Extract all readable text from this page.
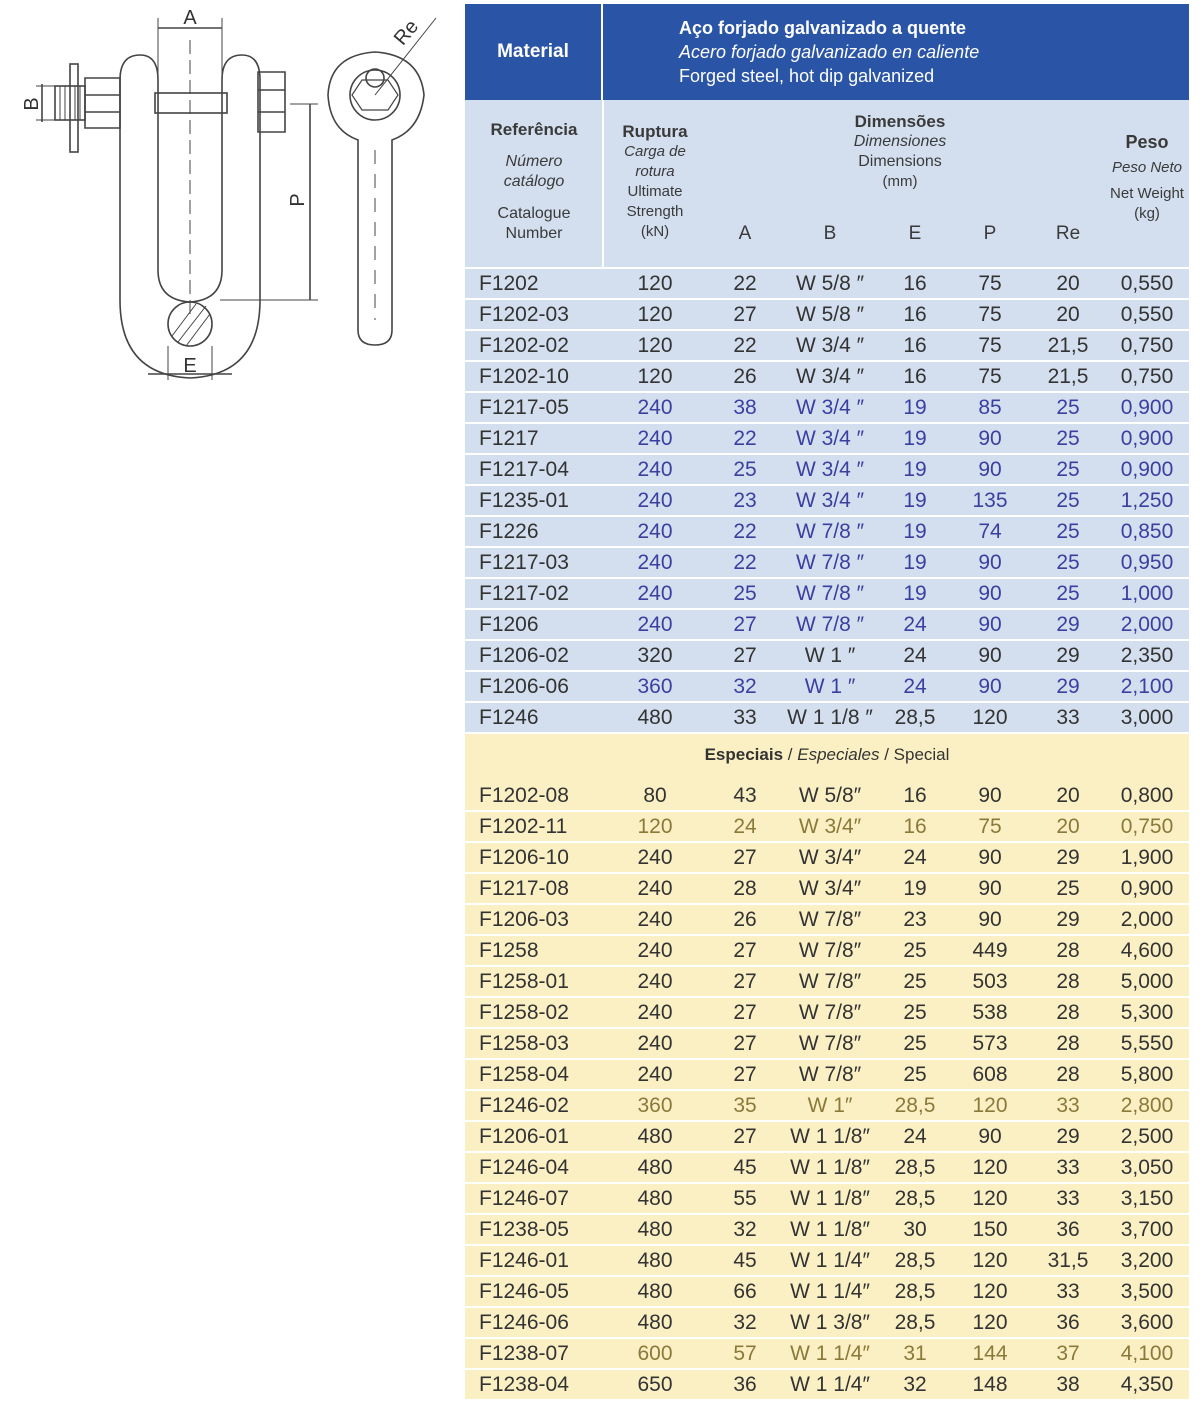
A
B
P
E
Re
Material
Aço forjado galvanizado a quente
Acero forjado galvanizado en caliente
Forged steel, hot dip galvanized
Referência
Número catálogo
Catalogue Number
Ruptura
Carga de rotura
Ultimate Strength
(kN)
Dimensões
Dimensiones
Dimensions
(mm)
A	B	E	P	Re
Peso
Peso Neto
Net Weight
(kg)
F1202	120	22	W 5/8 ″	16	75	20	0,550
F1202-03	120	27	W 5/8 ″	16	75	20	0,550
F1202-02	120	22	W 3/4 ″	16	75	21,5	0,750
F1202-10	120	26	W 3/4 ″	16	75	21,5	0,750
F1217-05	240	38	W 3/4 ″	19	85	25	0,900
F1217	240	22	W 3/4 ″	19	90	25	0,900
F1217-04	240	25	W 3/4 ″	19	90	25	0,900
F1235-01	240	23	W 3/4 ″	19	135	25	1,250
F1226	240	22	W 7/8 ″	19	74	25	0,850
F1217-03	240	22	W 7/8 ″	19	90	25	0,950
F1217-02	240	25	W 7/8 ″	19	90	25	1,000
F1206	240	27	W 7/8 ″	24	90	29	2,000
F1206-02	320	27	W 1 ″	24	90	29	2,350
F1206-06	360	32	W 1 ″	24	90	29	2,100
F1246	480	33	W 1 1/8 ″	28,5	120	33	3,000
Especiais / Especiales / Special
F1202-08	80	43	W 5/8″	16	90	20	0,800
F1202-11	120	24	W 3/4″	16	75	20	0,750
F1206-10	240	27	W 3/4″	24	90	29	1,900
F1217-08	240	28	W 3/4″	19	90	25	0,900
F1206-03	240	26	W 7/8″	23	90	29	2,000
F1258	240	27	W 7/8″	25	449	28	4,600
F1258-01	240	27	W 7/8″	25	503	28	5,000
F1258-02	240	27	W 7/8″	25	538	28	5,300
F1258-03	240	27	W 7/8″	25	573	28	5,550
F1258-04	240	27	W 7/8″	25	608	28	5,800
F1246-02	360	35	W 1″	28,5	120	33	2,800
F1206-01	480	27	W 1 1/8″	24	90	29	2,500
F1246-04	480	45	W 1 1/8″	28,5	120	33	3,050
F1246-07	480	55	W 1 1/8″	28,5	120	33	3,150
F1238-05	480	32	W 1 1/8″	30	150	36	3,700
F1246-01	480	45	W 1 1/4″	28,5	120	31,5	3,200
F1246-05	480	66	W 1 1/4″	28,5	120	33	3,500
F1246-06	480	32	W 1 3/8″	28,5	120	36	3,600
F1238-07	600	57	W 1 1/4″	31	144	37	4,100
F1238-04	650	36	W 1 1/4″	32	148	38	4,350
